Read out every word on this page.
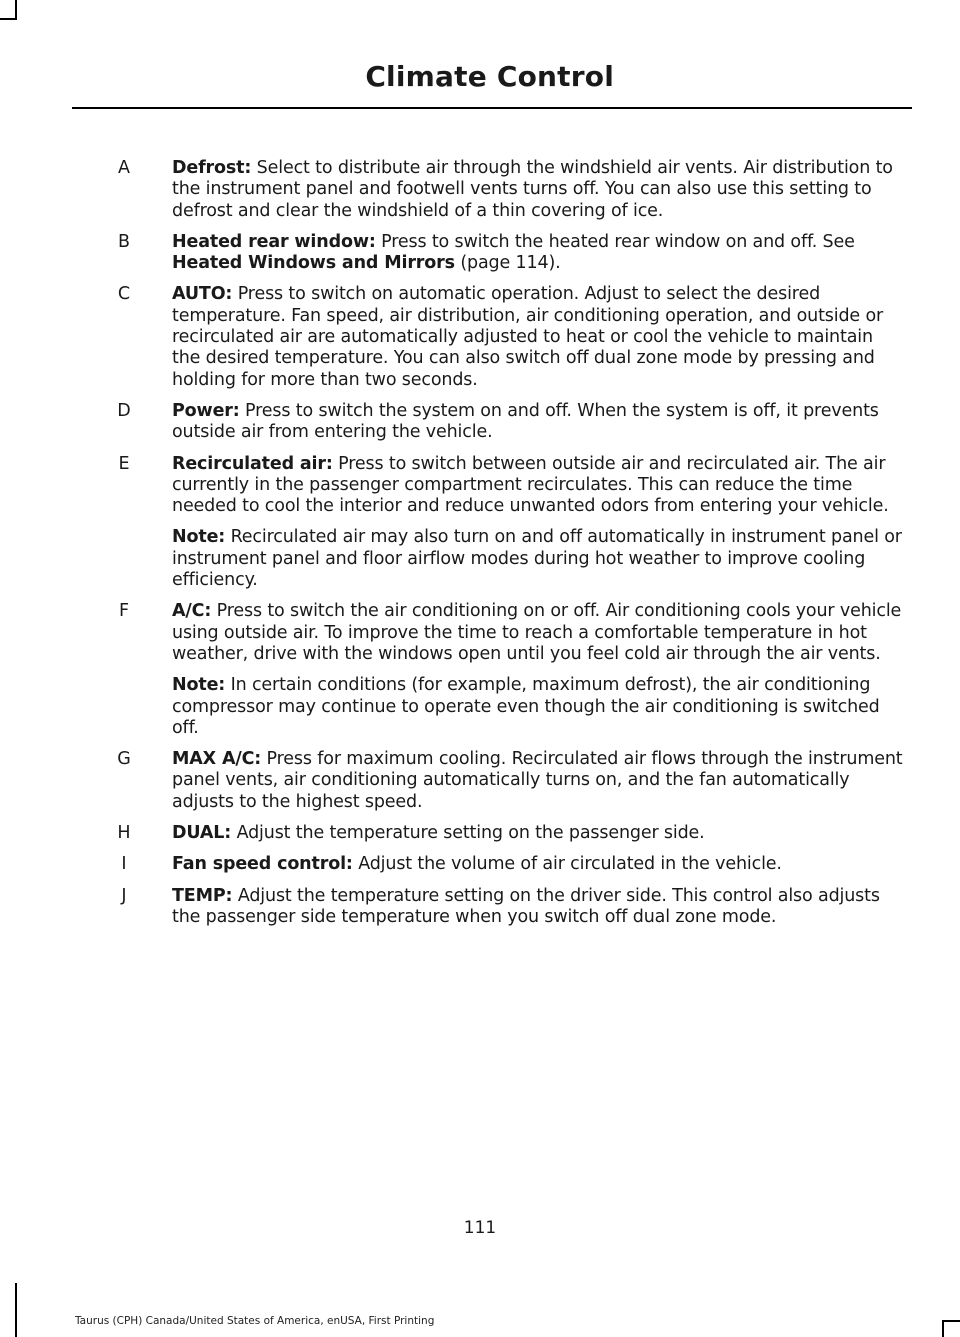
Climate Control
A	Defrost: Select to distribute air through the windshield air vents. Air distribution to the instrument panel and footwell vents turns off. You can also use this setting to defrost and clear the windshield of a thin covering of ice.
B	Heated rear window: Press to switch the heated rear window on and off. See Heated Windows and Mirrors (page 114).
C	AUTO: Press to switch on automatic operation. Adjust to select the desired temperature. Fan speed, air distribution, air conditioning operation, and outside or recirculated air are automatically adjusted to heat or cool the vehicle to maintain the desired temperature. You can also switch off dual zone mode by pressing and holding for more than two seconds.
D	Power: Press to switch the system on and off. When the system is off, it prevents outside air from entering the vehicle.
E	Recirculated air: Press to switch between outside air and recirculated air. The air currently in the passenger compartment recirculates. This can reduce the time needed to cool the interior and reduce unwanted odors from entering your vehicle.
Note: Recirculated air may also turn on and off automatically in instrument panel or instrument panel and floor airflow modes during hot weather to improve cooling efficiency.
F	A/C: Press to switch the air conditioning on or off. Air conditioning cools your vehicle using outside air. To improve the time to reach a comfortable temperature in hot weather, drive with the windows open until you feel cold air through the air vents.
Note: In certain conditions (for example, maximum defrost), the air conditioning compressor may continue to operate even though the air conditioning is switched off.
G MAX A/C: Press for maximum cooling. Recirculated air flows through the instrument panel vents, air conditioning automatically turns on, and the fan automatically adjusts to the highest speed.
H	DUAL: Adjust the temperature setting on the passenger side.
I	Fan speed control: Adjust the volume of air circulated in the vehicle.
J	TEMP: Adjust the temperature setting on the driver side. This control also adjusts the passenger side temperature when you switch off dual zone mode.
111
Taurus (CPH) Canada/United States of America, enUSA, First Printing
